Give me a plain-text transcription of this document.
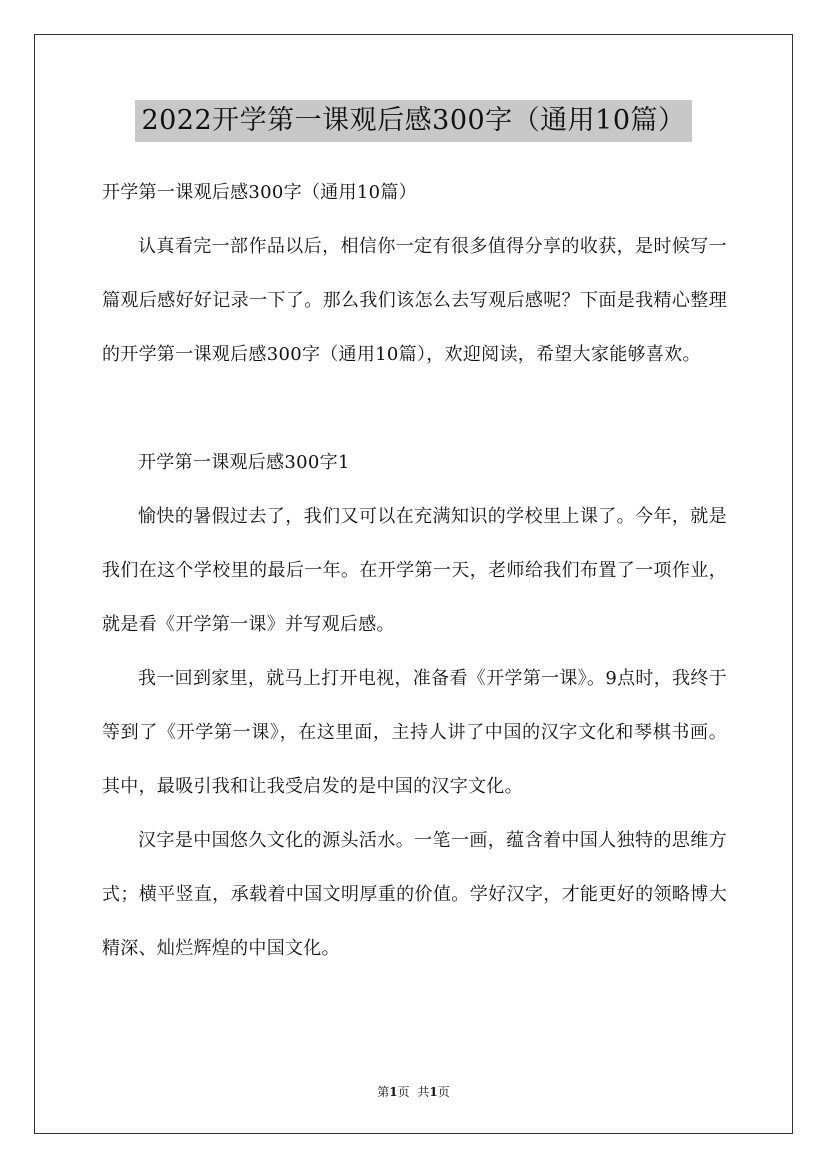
2022开学第一课观后感300字（通用10篇）

开学第一课观后感300字（通用10篇）

认真看完一部作品以后，相信你一定有很多值得分享的收获，是时候写一篇观后感好好记录一下了。那么我们该怎么去写观后感呢？下面是我精心整理的开学第一课观后感300字（通用10篇），欢迎阅读，希望大家能够喜欢。

开学第一课观后感300字1

愉快的暑假过去了，我们又可以在充满知识的学校里上课了。今年，就是我们在这个学校里的最后一年。在开学第一天，老师给我们布置了一项作业，就是看《开学第一课》并写观后感。

我一回到家里，就马上打开电视，准备看《开学第一课》。9点时，我终于等到了《开学第一课》，在这里面，主持人讲了中国的汉字文化和琴棋书画。其中，最吸引我和让我受启发的是中国的汉字文化。

汉字是中国悠久文化的源头活水。一笔一画，蕴含着中国人独特的思维方式；横平竖直，承载着中国文明厚重的价值。学好汉字，才能更好的领略博大精深、灿烂辉煌的中国文化。

第1页 共1页
